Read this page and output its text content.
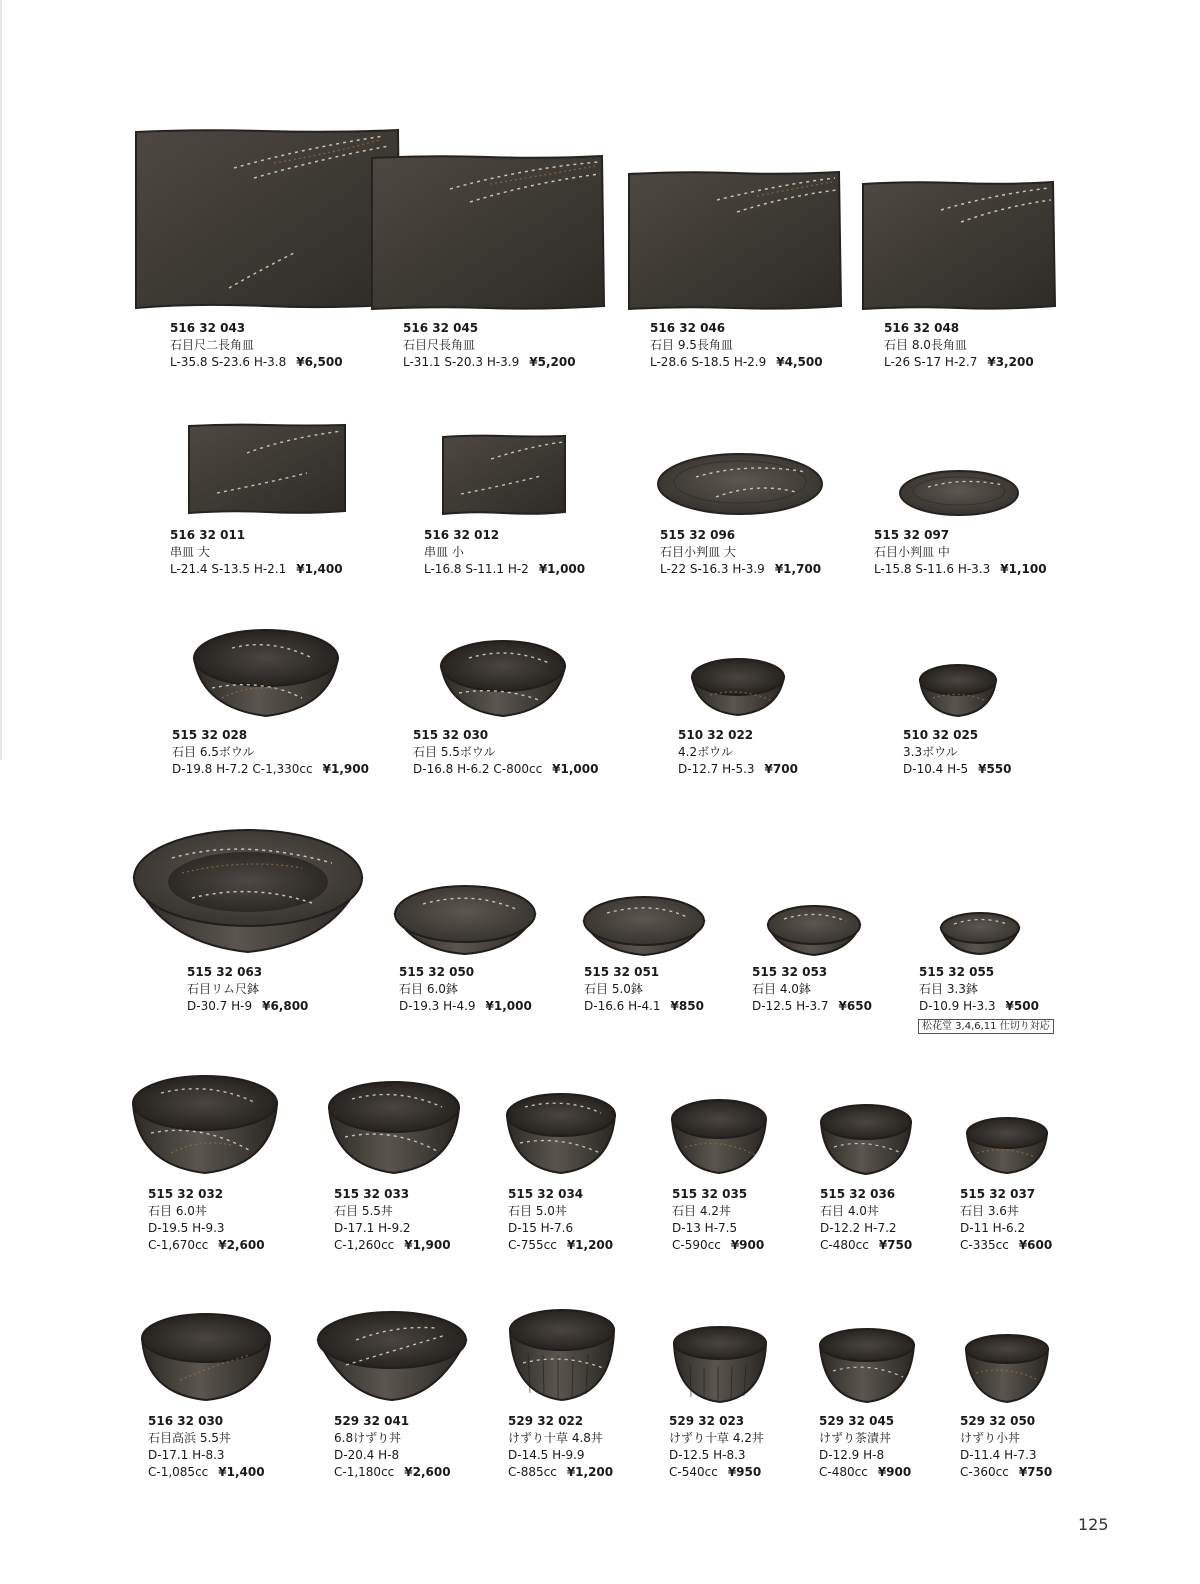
516 32 043
石目尺二長角皿
L-35.8 S-23.6 H-3.8 ¥6,500
516 32 045
石目尺長角皿
L-31.1 S-20.3 H-3.9 ¥5,200
516 32 046
石目 9.5長角皿
L-28.6 S-18.5 H-2.9 ¥4,500
516 32 048
石目 8.0長角皿
L-26 S-17 H-2.7 ¥3,200
516 32 011
串皿 大
L-21.4 S-13.5 H-2.1 ¥1,400
516 32 012
串皿 小
L-16.8 S-11.1 H-2 ¥1,000
515 32 096
石目小判皿 大
L-22 S-16.3 H-3.9 ¥1,700
515 32 097
石目小判皿 中
L-15.8 S-11.6 H-3.3 ¥1,100
515 32 028
石目 6.5ボウル
D-19.8 H-7.2 C-1,330cc ¥1,900
515 32 030
石目 5.5ボウル
D-16.8 H-6.2 C-800cc ¥1,000
510 32 022
4.2ボウル
D-12.7 H-5.3 ¥700
510 32 025
3.3ボウル
D-10.4 H-5 ¥550
515 32 063
石目リム尺鉢
D-30.7 H-9 ¥6,800
515 32 050
石目 6.0鉢
D-19.3 H-4.9 ¥1,000
515 32 051
石目 5.0鉢
D-16.6 H-4.1 ¥850
515 32 053
石目 4.0鉢
D-12.5 H-3.7 ¥650
515 32 055
石目 3.3鉢
D-10.9 H-3.3 ¥500
松花堂 3,4,6,11 仕切り対応
515 32 032
石目 6.0丼
D-19.5 H-9.3
C-1,670cc ¥2,600
515 32 033
石目 5.5丼
D-17.1 H-9.2
C-1,260cc ¥1,900
515 32 034
石目 5.0丼
D-15 H-7.6
C-755cc ¥1,200
515 32 035
石目 4.2丼
D-13 H-7.5
C-590cc ¥900
515 32 036
石目 4.0丼
D-12.2 H-7.2
C-480cc ¥750
515 32 037
石目 3.6丼
D-11 H-6.2
C-335cc ¥600
516 32 030
石目高浜 5.5丼
D-17.1 H-8.3
C-1,085cc ¥1,400
529 32 041
6.8けずり丼
D-20.4 H-8
C-1,180cc ¥2,600
529 32 022
けずり十草 4.8丼
D-14.5 H-9.9
C-885cc ¥1,200
529 32 023
けずり十草 4.2丼
D-12.5 H-8.3
C-540cc ¥950
529 32 045
けずり茶漬丼
D-12.9 H-8
C-480cc ¥900
529 32 050
けずり小丼
D-11.4 H-7.3
C-360cc ¥750
125
